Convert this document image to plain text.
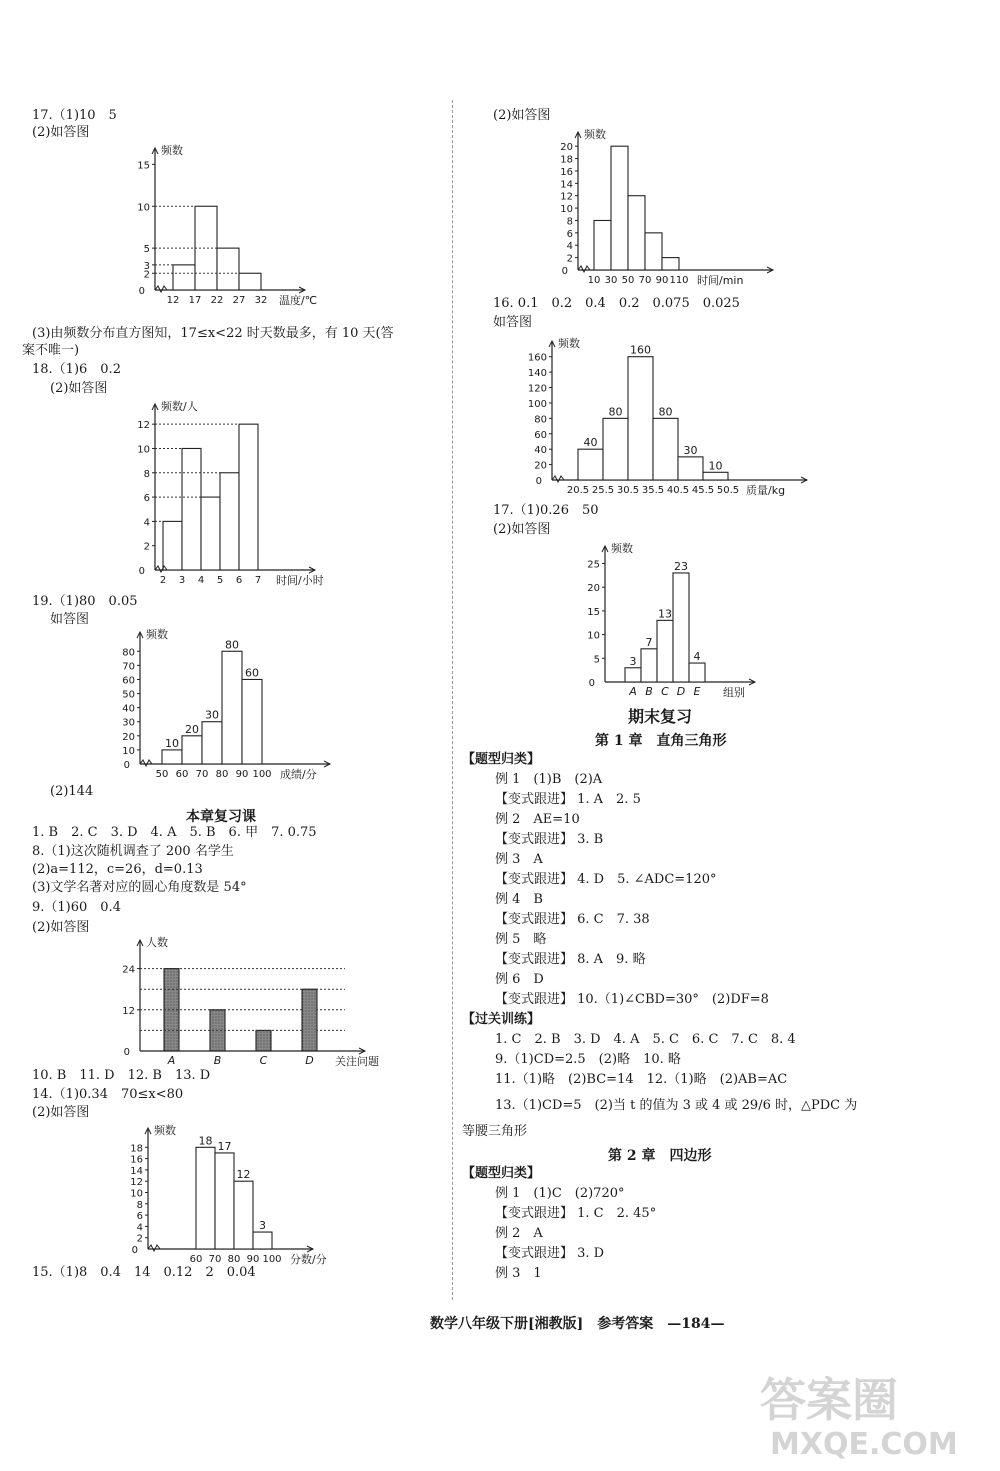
17.（1)10　5
(2)如答图
频数
0
2
3
5
10
15
12 17 22 27 32 温度/℃
(3)由频数分布直方图知，17≤x<22 时天数最多，有 10 天(答
案不唯一)
18.（1)6　0.2
(2)如答图
频数/人
0
2
4
6
8
10
12
2 3 4 5 6 7 时间/小时
19.（1)80　0.05
如答图
频数
0
10
20
30
40
50
60
70
80
10
20
30
80
60
50 60 70 80 90 100 成绩/分
(2)144
本章复习课
1. B　2. C　3. D　4. A　5. B　6. 甲　7. 0.75
8.（1)这次随机调查了 200 名学生
(2)a=112，c=26，d=0.13
(3)文学名著对应的圆心角度数是 54°
9.（1)60　0.4
(2)如答图
人数
0
12
24
A	B	C	D 关注问题
10. B　11. D　12. B　13. D
14.（1)0.34　70≤x<80
(2)如答图
频数
0
2
4
6
8
10
12
14
16
18
18 17
12
3
60 70 80 90 100 分数/分
15.（1)8　0.4　14　0.12　2　0.04
(2)如答图
频数
0
2
4
6
8
10
12
14
16
18
20
10 30 50 70 90 110 时间/min
16. 0.1　0.2　0.4　0.2　0.075　0.025
如答图
频数
0
20
40
60
80
100
120
140
160
40
80
160
80
30
10
20.5 25.5 30.5 35.5 40.5 45.5 50.5 质量/kg
17.（1)0.26　50
(2)如答图
频数
0
5
10
15
20
25
3
A
7
B
13
C
23
D
4
E 组别
期末复习
第 1 章　直角三角形
【题型归类】
例 1　(1)B　(2)A
【变式跟进】 1. A　2. 5
例 2　AE=10
【变式跟进】 3. B
例 3　A
【变式跟进】 4. D　5. ∠ADC=120°
例 4　B
【变式跟进】 6. C　7. 38
例 5　略
【变式跟进】 8. A　9. 略
例 6　D
【变式跟进】 10.（1)∠CBD=30°　(2)DF=8
【过关训练】
1. C　2. B　3. D　4. A　5. C　6. C　7. C　8. 4
9.（1)CD=2.5　(2)略　10. 略
11.（1)略　(2)BC=14　12.（1)略　(2)AB=AC
13.（1)CD=5　(2)当 t 的值为 3 或 4 或 29/6 时，△PDC 为
等腰三角形
第 2 章　四边形
【题型归类】
例 1　(1)C　(2)720°
【变式跟进】 1. C　2. 45°
例 2　A
【变式跟进】 3. D
例 3　1
数学八年级下册[湘教版]　参考答案　—184—
答案圈
MXQE.COM
